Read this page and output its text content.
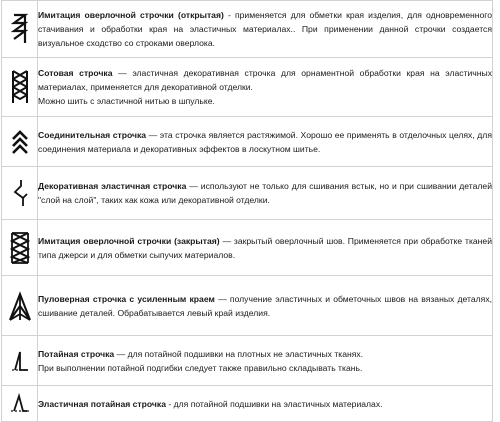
Имитация оверлочной строчки (открытая) - применяется для обметки края изделия, для одновременного стачивания и обработки края на эластичных материалах.. При применении данной строчки создается визуальное сходство со строками оверлока.

Сотовая строчка — эластичная декоративная строчка для орнаментной обработки края на эластичных материалах, применяется для декоративной отделки.
Можно шить с эластичной нитью в шпульке.

Соединительная строчка — эта строчка является растяжимой. Хорошо ее применять в отделочных целях, для соединения материала и декоративных эффектов в лоскутном шитье.

Декоративная эластичная строчка — используют не только для сшивания встык, но и при сшивании деталей "слой на слой", таких как кожа или декоративной отделки.

Имитация оверлочной строчки (закрытая) — закрытый оверлочный шов. Применяется при обработке тканей типа джерси и для обметки сыпучих материалов.

Пуловерная строчка с усиленным краем — получение эластичных и обметочных швов на вязаных деталях, сшивание деталей. Обрабатывается левый край изделия.

Потайная строчка — для потайной подшивки на плотных не эластичных тканях.
При выполнении потайной подгибки следует также правильно складывать ткань.

Эластичная потайная строчка - для потайной подшивки на эластичных материалах.
